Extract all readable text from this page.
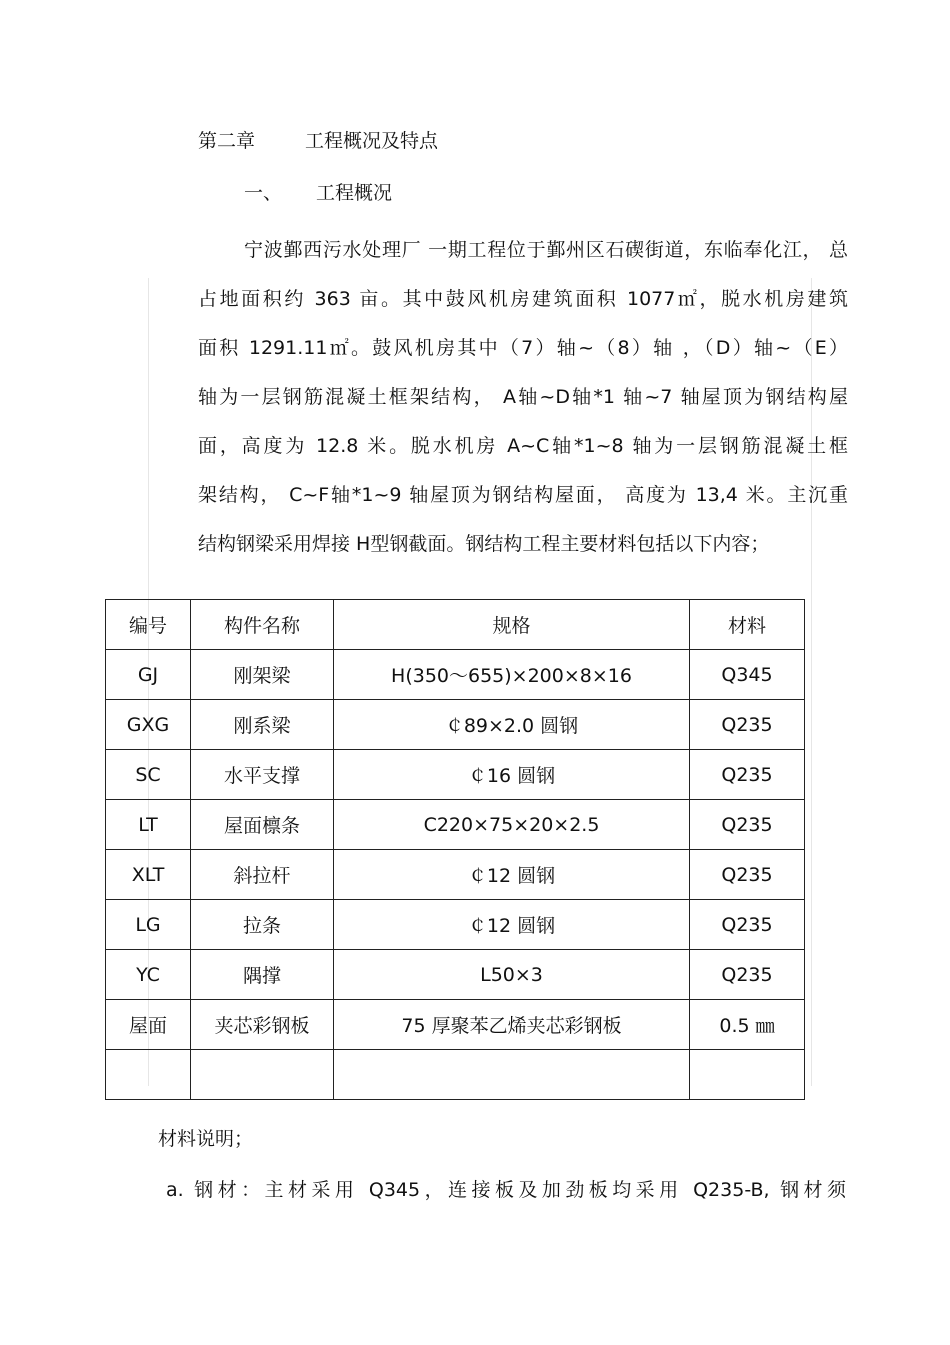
第二章	工程概况及特点
一、 工程概况
宁波鄞西污水处理厂 一期工程位于鄞州区石碶街道，东临奉化江， 总
占地面积约 363 亩。其中鼓风机房建筑面积 1077㎡，脱水机房建筑
面积 1291.11㎡。鼓风机房其中（7）轴~（8）轴 ，（D）轴~（E）
轴为一层钢筋混凝土框架结构， A轴~D轴*1 轴~7 轴屋顶为钢结构屋
面，高度为 12.8 米。脱水机房 A~C轴*1~8 轴为一层钢筋混凝土框
架结构， C~F轴*1~9 轴屋顶为钢结构屋面， 高度为 13,4 米。主沉重
结构钢梁采用焊接 H型钢截面。钢结构工程主要材料包括以下内容；
编号	构件名称	规格	材料
GJ	刚架梁	H(350～655)×200×8×16	Q345
GXG	刚系梁	￠89×2.0 圆钢	Q235
SC	水平支撑	￠16 圆钢	Q235
LT	屋面檩条	C220×75×20×2.5	Q235
XLT	斜拉杆	￠12 圆钢	Q235
LG	拉条	￠12 圆钢	Q235
YC	隅撑	L50×3	Q235
屋面	夹芯彩钢板	75 厚聚苯乙烯夹芯彩钢板	0.5 ㎜

材料说明；
a. 钢材：主材采用 Q345，连接板及加劲板均采用 Q235-B, 钢材须
